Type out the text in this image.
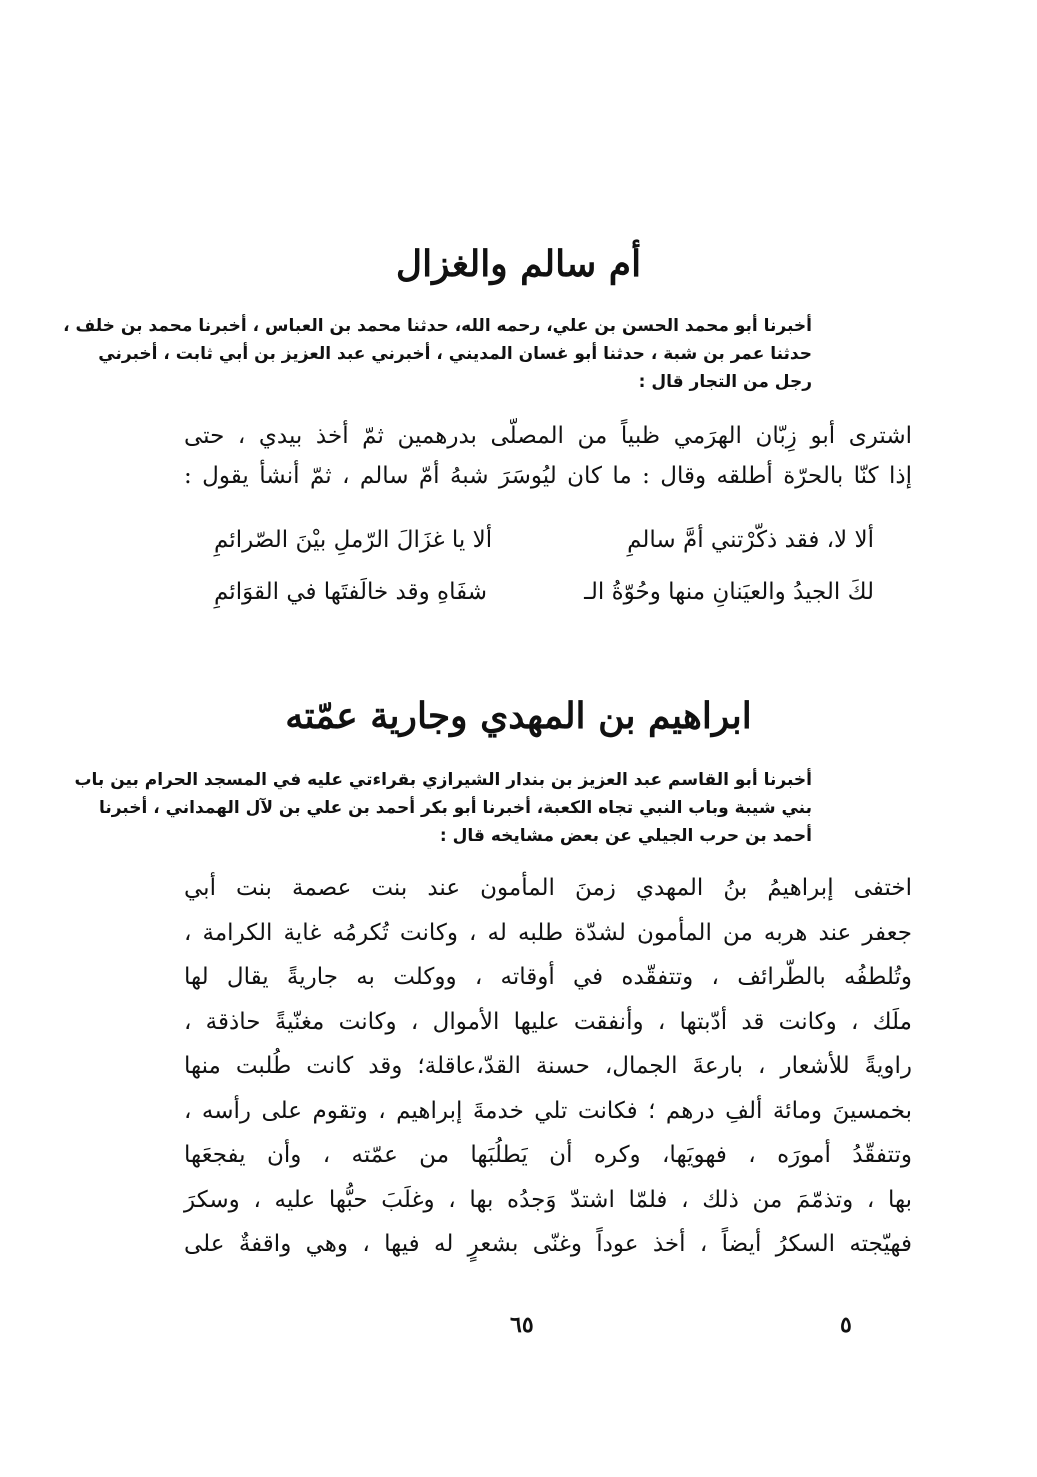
أم سالم والغزال

أخبرنا أبو محمد الحسن بن علي، رحمه الله، حدثنا محمد بن العباس ، أخبرنا محمد بن خلف ،

حدثنا عمر بن شبة ، حدثنا أبو غسان المديني ، أخبرني عبد العزيز بن أبي ثابت ، أخبرني

رجل من التجار قال :

اشترى أبو زِبّان الهرَمي ظبياً من المصلّى بدرهمين ثمّ أخذ بيدي ، حتى

إذا كنّا بالحرّة أطلقه وقال : ما كان ليُوسَرَ شبهُ أمّ سالم ، ثمّ أنشأ يقول :

ألا لا، فقد ذكّرْتني أمَّ سالمِ
ألا يا غزَالَ الرّملِ بيْنَ الصّرائمِ
لكَ الجيدُ والعيَنانِ منها وحُوّةُ الـ
شفَاهِ وقد خالَفتَها في القوَائمِ
ابراهيم بن المهدي وجارية عمّته

أخبرنا أبو القاسم عبد العزيز بن بندار الشيرازي بقراءتي عليه في المسجد الحرام بين باب

بني شيبة وباب النبي تجاه الكعبة، أخبرنا أبو بكر أحمد بن علي بن لآل الهمداني ، أخبرنا

أحمد بن حرب الجيلي عن بعض مشايخه قال :

اختفى إبراهيمُ بنُ المهدي زمنَ المأمون عند بنت عصمة بنت أبي

جعفر عند هربه من المأمون لشدّة طلبه له ، وكانت تُكرمُه غاية الكرامة ،

وتُلطفُه بالطّرائف ، وتتفقّده في أوقاته ، ووكلت به جاريةً يقال لها

ملَك ، وكانت قد أدّبتها ، وأنفقت عليها الأموال ، وكانت مغنّيةً حاذقة ،

راويةً للأشعار ، بارعةَ الجمال، حسنة القدّ،عاقلة؛ وقد كانت طُلبت منها

بخمسينَ ومائة ألفِ درهم ؛ فكانت تلي خدمةَ إبراهيم ، وتقوم على رأسه ،

وتتفقّدُ أمورَه ، فهويَها، وكره أن يَطلُبَها من عمّته ، وأن يفجعَها

بها ، وتذمّمَ من ذلك ، فلمّا اشتدّ وَجدُه بها ، وغلَبَ حبُّها عليه ، وسكرَ

فهيّجته السكرُ أيضاً ، أخذ عوداً وغنّى بشعرٍ له فيها ، وهي واقفةٌ على

٦٥	٥
